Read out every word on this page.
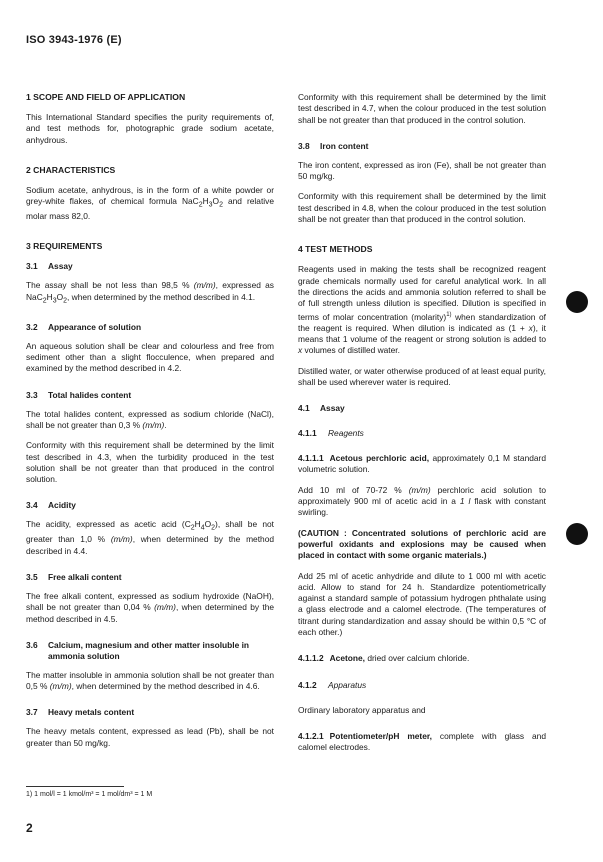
ISO 3943-1976 (E)
1 SCOPE AND FIELD OF APPLICATION

This International Standard specifies the purity requirements of, and test methods for, photographic grade sodium acetate, anhydrous.

2 CHARACTERISTICS

Sodium acetate, anhydrous, is in the form of a white powder or grey-white flakes, of chemical formula $NaC_2H_3O_2$ and relative molar mass 82,0.

3 REQUIREMENTS
3.1 Assay

The assay shall be not less than 98,5 % (m/m), expressed as $NaC_2H_3O_2$, when determined by the method described in 4.1.

3.2 Appearance of solution

An aqueous solution shall be clear and colourless and free from sediment other than a slight flocculence, when prepared and examined by the method described in 4.2.

3.3 Total halides content

The total halides content, expressed as sodium chloride (NaCl), shall be not greater than 0,3 % (m/m).

Conformity with this requirement shall be determined by the limit test described in 4.3, when the turbidity produced in the test solution shall be not greater than that produced in the control solution.

3.4 Acidity

The acidity, expressed as acetic acid $(C_2H_4O_2)$, shall be not greater than 1,0 % (m/m), when determined by the method described in 4.4.

3.5 Free alkali content

The free alkali content, expressed as sodium hydroxide (NaOH), shall be not greater than 0,04 % (m/m), when determined by the method described in 4.5.

3.6	Calcium, magnesium and other matter insoluble in ammonia solution

The matter insoluble in ammonia solution shall be not greater than 0,5 % (m/m), when determined by the method described in 4.6.

3.7 Heavy metals content

The heavy metals content, expressed as lead (Pb), shall be not greater than 50 mg/kg.

Conformity with this requirement shall be determined by the limit test described in 4.7, when the colour produced in the test solution shall be not greater than that produced in the control solution.

3.8 Iron content

The iron content, expressed as iron (Fe), shall be not greater than 50 mg/kg.

Conformity with this requirement shall be determined by the limit test described in 4.8, when the colour produced in the test solution shall be not greater than that produced in the control solution.

4 TEST METHODS

Reagents used in making the tests shall be recognized reagent grade chemicals normally used for careful analytical work. In all the directions the acids and ammonia solution referred to shall be of full strength unless dilution is specified. Dilution is specified in terms of molar concentration (molarity)$^{1)}$ when standardization of the reagent is required. When dilution is indicated as (1 + x), it means that 1 volume of the reagent or strong solution is added to x volumes of distilled water.

Distilled water, or water otherwise produced of at least equal purity, shall be used wherever water is required.

4.1 Assay
4.1.1 Reagents

4.1.1.1 Acetous perchloric acid, approximately 0,1 M standard volumetric solution.

Add 10 ml of 70-72 % (m/m) perchloric acid solution to approximately 900 ml of acetic acid in a 1 l flask with constant swirling.

(CAUTION : Concentrated solutions of perchloric acid are powerful oxidants and explosions may be caused when placed in contact with some organic materials.)

Add 25 ml of acetic anhydride and dilute to 1 000 ml with acetic acid. Allow to stand for 24 h. Standardize potentiometrically against a standard sample of potassium hydrogen phthalate using a glass electrode and a calomel electrode. (The temperatures of titrant during standardization and assay should be within 0,5 °C of each other.)

4.1.1.2 Acetone, dried over calcium chloride.

4.1.2 Apparatus

Ordinary laboratory apparatus and

4.1.2.1 Potentiometer/pH meter, complete with glass and calomel electrodes.

1) 1 mol/l = 1 kmol/m³ = 1 mol/dm³ = 1 M
2
